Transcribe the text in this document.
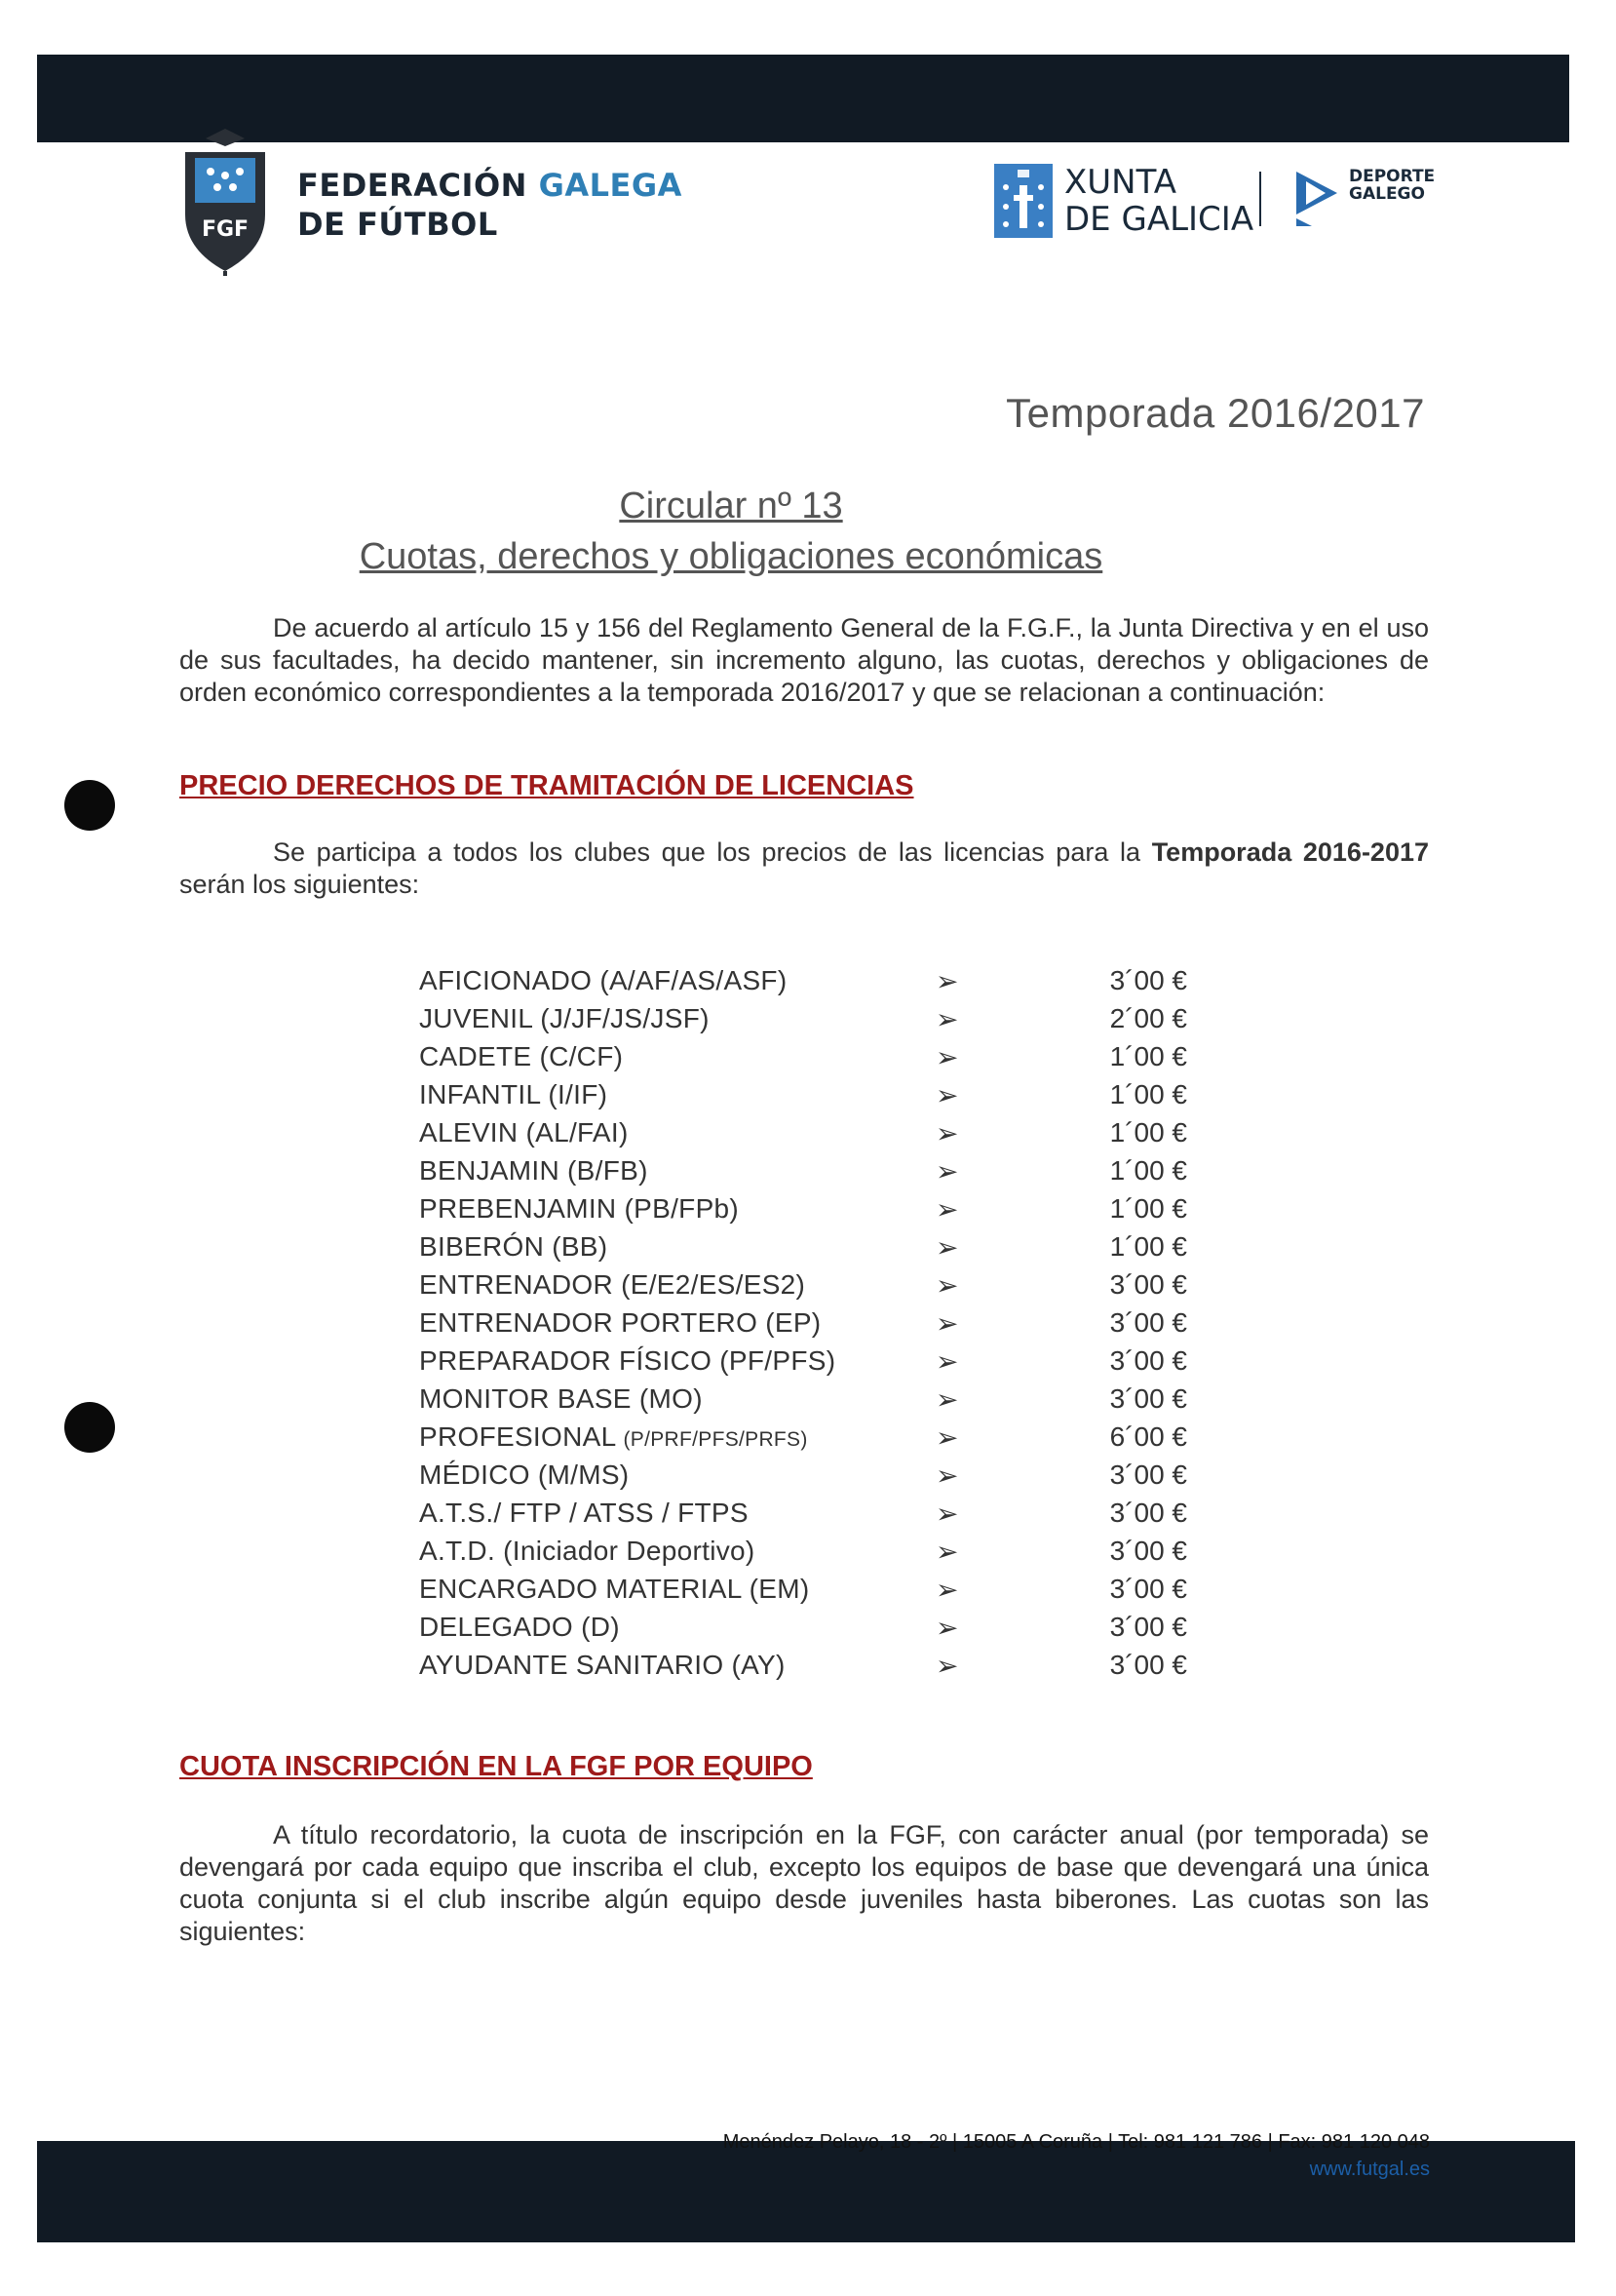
FGF
FEDERACIÓN GALEGA
DE FÚTBOL
XUNTA
DE GALICIA
DEPORTE
GALEGO
Temporada 2016/2017
Circular nº 13
Cuotas, derechos y obligaciones económicas

De acuerdo al artículo 15 y 156 del Reglamento General de la F.G.F., la Junta Directiva y en el uso de sus facultades, ha decido mantener, sin incremento alguno, las cuotas, derechos y obligaciones de orden económico correspondientes a la temporada 2016/2017 y que se relacionan a continuación:

PRECIO DERECHOS DE TRAMITACIÓN DE LICENCIAS

Se participa a todos los clubes que los precios de las licencias para la Temporada 2016-2017 serán los siguientes:

AFICIONADO (A/AF/AS/ASF)	➢	3´00 €
JUVENIL (J/JF/JS/JSF)	➢	2´00 €
CADETE (C/CF)	➢	1´00 €
INFANTIL (I/IF)	➢	1´00 €
ALEVIN (AL/FAI)	➢	1´00 €
BENJAMIN (B/FB)	➢	1´00 €
PREBENJAMIN (PB/FPb)	➢	1´00 €
BIBERÓN (BB)	➢	1´00 €
ENTRENADOR (E/E2/ES/ES2)	➢	3´00 €
ENTRENADOR PORTERO (EP)	➢	3´00 €
PREPARADOR FÍSICO (PF/PFS)	➢	3´00 €
MONITOR BASE (MO)	➢	3´00 €
PROFESIONAL (P/PRF/PFS/PRFS)	➢	6´00 €
MÉDICO (M/MS)	➢	3´00 €
A.T.S./ FTP / ATSS / FTPS	➢	3´00 €
A.T.D. (Iniciador Deportivo)	➢	3´00 €
ENCARGADO MATERIAL (EM)	➢	3´00 €
DELEGADO (D)	➢	3´00 €
AYUDANTE SANITARIO (AY)	➢	3´00 €
CUOTA INSCRIPCIÓN EN LA FGF POR EQUIPO

A título recordatorio, la cuota de inscripción en la FGF, con carácter anual (por temporada) se devengará por cada equipo que inscriba el club, excepto los equipos de base que devengará una única cuota conjunta si el club inscribe algún equipo desde juveniles hasta biberones. Las cuotas son las siguientes:

Menéndez Pelayo, 18 - 2º | 15005 A Coruña | Tel: 981 121 786 | Fax: 981 120 048
www.futgal.es
